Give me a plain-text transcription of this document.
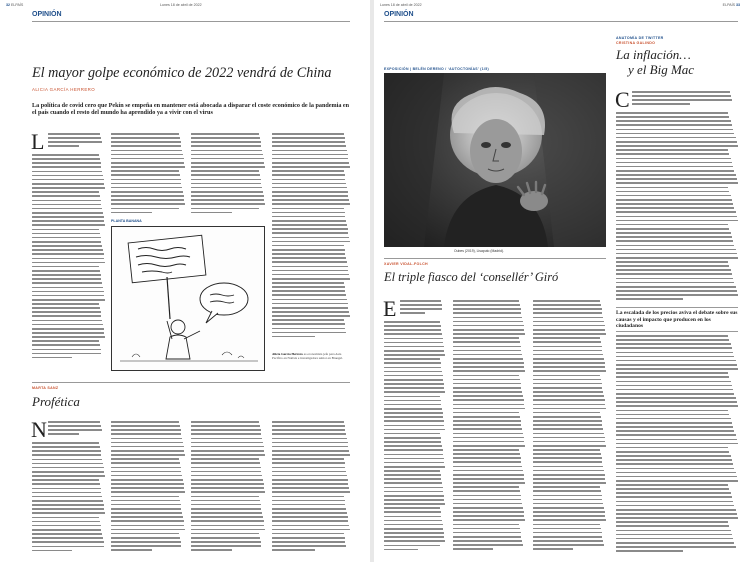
32 ELPAÍS	Lunes 18 de abril de 2022
OPINIÓN
El mayor golpe económico de 2022 vendrá de China
ALICIA GARCÍA HERRERO
La política de covid cero que Pekín se empeña en mantener está abocada a disparar el coste económico de la pandemia en el país cuando el resto del mundo ha aprendido ya a vivir con el virus
L
Alicia García Herrero es economista jefe para Asia Pacífico en Natixis e investigadora sénior en Bruegel.
PLANTA BANANA
MARTA SANZ
Profética
N
Lunes 18 de abril de 2022	ELPAÍS 33
OPINIÓN
EXPOSICIÓN | BELÉN DERENO / ‘AUTOCTONÍAS’ (1/5)
Oubes (2019), Lisaputo (Madrid).
ANATOMÍA DE TWITTER
CRISTINA GALINDO
La inflación…
y el Big Mac
C
La escalada de los precios aviva el debate sobre sus causas y el impacto que producen en los ciudadanos
XAVIER VIDAL-FOLCH
El triple fiasco del ‘consellér’ Giró
E
